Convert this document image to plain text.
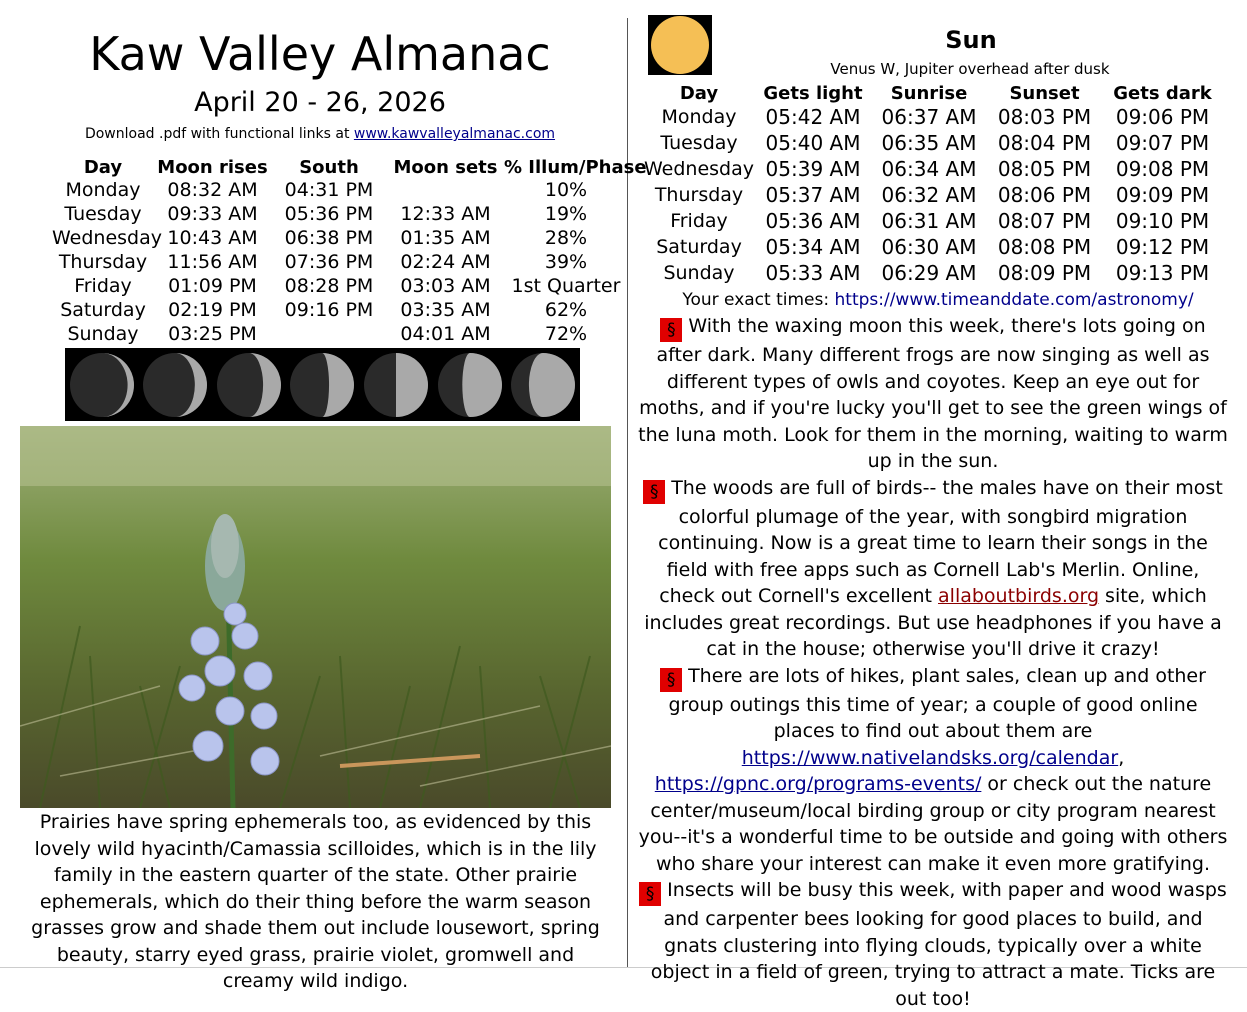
Kaw Valley Almanac
April 20 - 26, 2026
Download .pdf with functional links at www.kawvalleyalmanac.com
Day	Moon rises	South	Moon sets	% Illum/Phase
Monday	08:32 AM	04:31 PM		10%
Tuesday	09:33 AM	05:36 PM	12:33 AM	19%
Wednesday	10:43 AM	06:38 PM	01:35 AM	28%
Thursday	11:56 AM	07:36 PM	02:24 AM	39%
Friday	01:09 PM	08:28 PM	03:03 AM	1st Quarter
Saturday	02:19 PM	09:16 PM	03:35 AM	62%
Sunday	03:25 PM		04:01 AM	72%
Prairies have spring ephemerals too, as evidenced by this lovely wild hyacinth/Camassia scilloides, which is in the lily family in the eastern quarter of the state. Other prairie ephemerals, which do their thing before the warm season grasses grow and shade them out include lousewort, spring beauty, starry eyed grass, prairie violet, gromwell and creamy wild indigo.
Sun
Venus W, Jupiter overhead after dusk
Day	Gets light	Sunrise	Sunset	Gets dark
Monday	05:42 AM	06:37 AM	08:03 PM	09:06 PM
Tuesday	05:40 AM	06:35 AM	08:04 PM	09:07 PM
Wednesday	05:39 AM	06:34 AM	08:05 PM	09:08 PM
Thursday	05:37 AM	06:32 AM	08:06 PM	09:09 PM
Friday	05:36 AM	06:31 AM	08:07 PM	09:10 PM
Saturday	05:34 AM	06:30 AM	08:08 PM	09:12 PM
Sunday	05:33 AM	06:29 AM	08:09 PM	09:13 PM
Your exact times: https://www.timeanddate.com/astronomy/

§ With the waxing moon this week, there's lots going on after dark. Many different frogs are now singing as well as different types of owls and coyotes. Keep an eye out for moths, and if you're lucky you'll get to see the green wings of the luna moth. Look for them in the morning, waiting to warm up in the sun.

§ The woods are full of birds-- the males have on their most colorful plumage of the year, with songbird migration continuing. Now is a great time to learn their songs in the field with free apps such as Cornell Lab's Merlin. Online, check out Cornell's excellent allaboutbirds.org site, which includes great recordings. But use headphones if you have a cat in the house; otherwise you'll drive it crazy!

§ There are lots of hikes, plant sales, clean up and other group outings this time of year; a couple of good online places to find out about them are https://www.nativelandsks.org/calendar, https://gpnc.org/programs-events/ or check out the nature center/museum/local birding group or city program nearest you--it's a wonderful time to be outside and going with others who share your interest can make it even more gratifying.

§ Insects will be busy this week, with paper and wood wasps and carpenter bees looking for good places to build, and gnats clustering into flying clouds, typically over a white object in a field of green, trying to attract a mate. Ticks are out too!
